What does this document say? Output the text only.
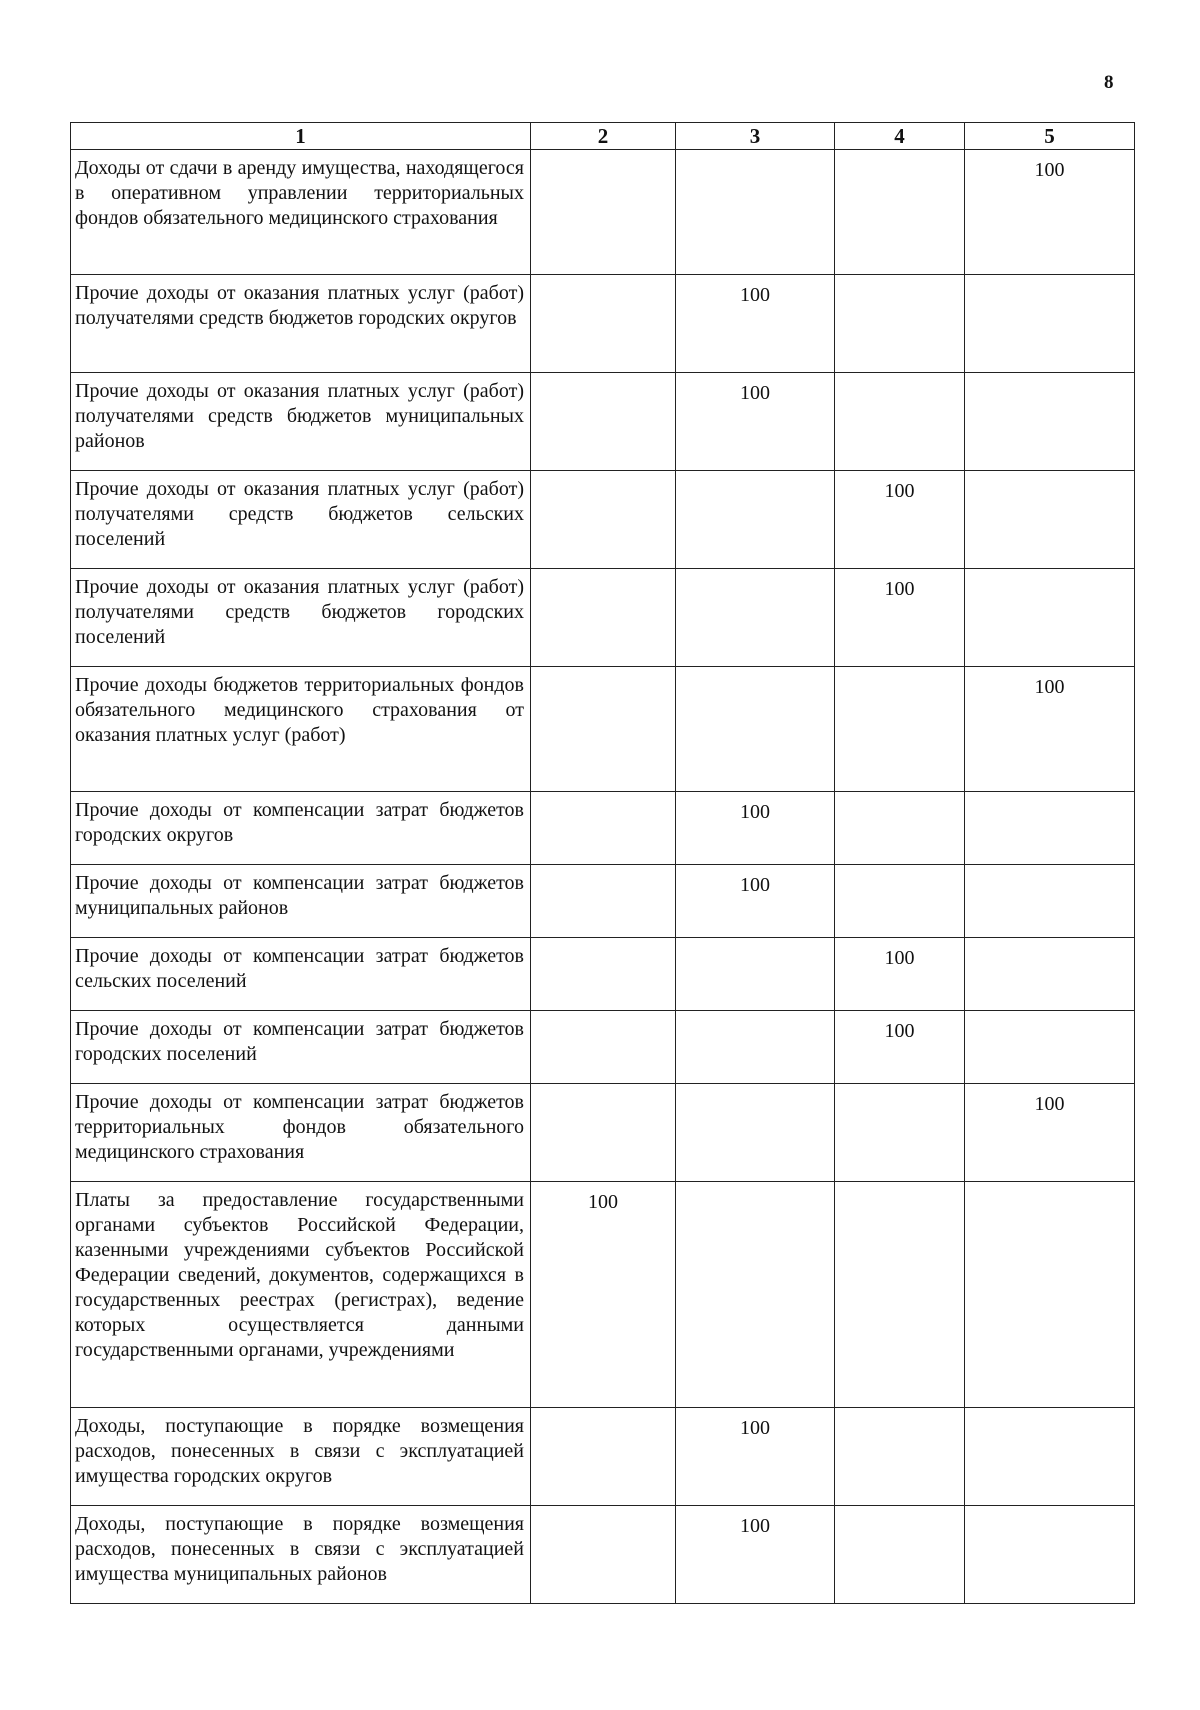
8
1	2	3	4	5
Доходы от сдачи в аренду имущества, находящегося в оперативном управлении территориальных фондов обязательного медицинского страхования				100
Прочие доходы от оказания платных услуг (работ) получателями средств бюджетов городских округов		100		
Прочие доходы от оказания платных услуг (работ) получателями средств бюджетов муниципальных районов		100		
Прочие доходы от оказания платных услуг (работ) получателями средств бюджетов сельских поселений			100	
Прочие доходы от оказания платных услуг (работ) получателями средств бюджетов городских поселений			100	
Прочие доходы бюджетов территориальных фондов обязательного медицинского страхования от оказания платных услуг (работ)				100
Прочие доходы от компенсации затрат бюджетов городских округов		100		
Прочие доходы от компенсации затрат бюджетов муниципальных районов		100		
Прочие доходы от компенсации затрат бюджетов сельских поселений			100	
Прочие доходы от компенсации затрат бюджетов городских поселений			100	
Прочие доходы от компенсации затрат бюджетов территориальных фондов обязательного медицинского страхования				100
Платы за предоставление государственными органами субъектов Российской Федерации, казенными учреждениями субъектов Российской Федерации сведений, документов, содержащихся в государственных реестрах (регистрах), ведение которых осуществляется данными государственными органами, учреждениями	100			
Доходы, поступающие в порядке возмещения расходов, понесенных в связи с эксплуатацией имущества городских округов		100		
Доходы, поступающие в порядке возмещения расходов, понесенных в связи с эксплуатацией имущества муниципальных районов		100		
